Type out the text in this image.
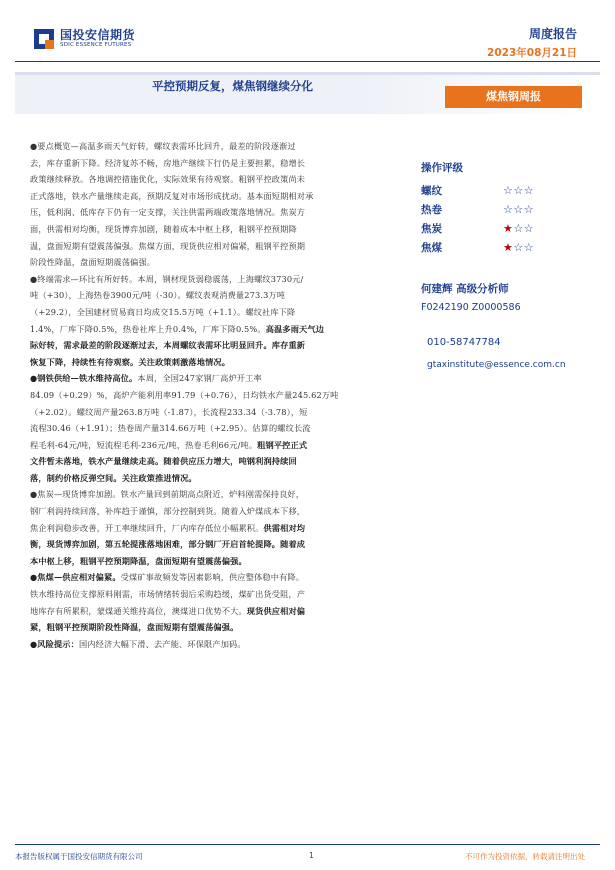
国投安信期货
SDIC ESSENCE FUTURES
周度报告
2023年08月21日
平控预期反复，煤焦钢继续分化
煤焦钢周报
●要点概览—高温多雨天气好转，螺纹表需环比回升，最差的阶段逐渐过
去，库存重新下降。经济复苏不畅，房地产继续下行仍是主要担累，稳增长
政策继续释放。各地调控措施优化，实际效果有待观察。粗钢平控政策尚未
正式落地，铁水产量继续走高，预期反复对市场形成扰动。基本面短期相对承
压，低利润、低库存下仍有一定支撑，关注供需两端政策落地情况。焦炭方
面，供需相对均衡，现货博弈加剧，随着成本中枢上移，粗钢平控预期降
温，盘面短期有望震荡偏强。焦煤方面，现货供应相对偏紧，粗钢平控预期
阶段性降温，盘面短期震荡偏强。
●终端需求—环比有所好转。本周，钢材现货弱稳震荡，上海螺纹3730元/
吨（+30），上海热卷3900元/吨（-30）。螺纹表观消费量273.3万吨
（+29.2），全国建材贸易商日均成交15.5万吨（+1.1）。螺纹社库下降
1.4%，厂库下降0.5%，热卷社库上升0.4%，厂库下降0.5%。高温多雨天气边
际好转，需求最差的阶段逐渐过去，本周螺纹表需环比明显回升。库存重新
恢复下降，持续性有待观察。关注政策刺激落地情况。
●钢铁供给—铁水维持高位。本周，全国247家钢厂高炉开工率
84.09（+0.29）%，高炉产能利用率91.79（+0.76），日均铁水产量245.62万吨
（+2.02）。螺纹周产量263.8万吨（-1.87），长流程233.34（-3.78），短
流程30.46（+1.91）；热卷周产量314.66万吨（+2.95）。估算的螺纹长流
程毛利-64元/吨，短流程毛利-236元/吨，热卷毛利66元/吨。粗钢平控正式
文件暂未落地，铁水产量继续走高。随着供应压力增大，吨钢利润持续回
落，制约价格反弹空间。关注政策推进情况。
●焦炭—现货博弈加剧。铁水产量回到前期高点附近，炉料刚需保持良好，
钢厂利润持续回落，补库趋于谨慎，部分控制到货。随着入炉煤成本下移，
焦企利润稳步改善，开工率继续回升，厂内库存低位小幅累积。供需相对均
衡，现货博弈加剧，第五轮提涨落地困难，部分钢厂开启首轮提降。随着成
本中枢上移，粗钢平控预期降温，盘面短期有望震荡偏强。
●焦煤—供应相对偏紧。受煤矿事故频发等因素影响，供应整体稳中有降。
铁水维持高位支撑原料刚需，市场情绪转弱后采购趋缓，煤矿出货受阻，产
地库存有所累积，蒙煤通关维持高位，澳煤进口优势不大。现货供应相对偏
紧，粗钢平控预期阶段性降温，盘面短期有望震荡偏强。
●风险提示：国内经济大幅下滑、去产能、环保限产加码。
操作评级
螺纹	☆☆☆
热卷	☆☆☆
焦炭	★☆☆
焦煤	★☆☆
何建辉 高级分析师
F0242190 Z0000586
010-58747784
gtaxinstitute@essence.com.cn
本报告版权属于国投安信期货有限公司	1	不可作为投资依据，转载请注明出处
